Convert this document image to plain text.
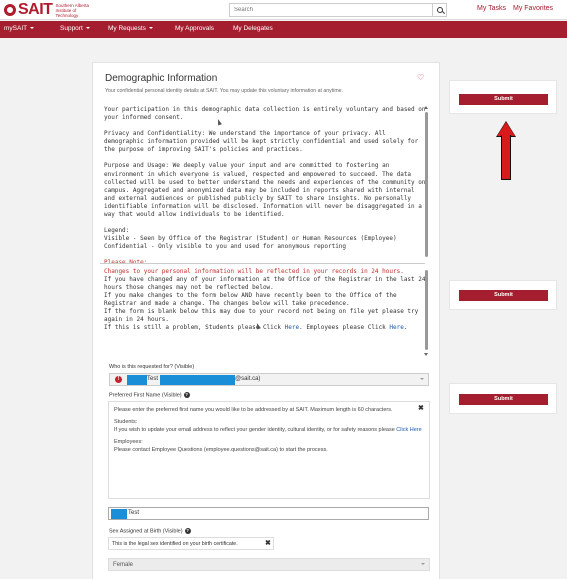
SAIT Southern Alberta Institute of Technology
Search
My Tasks My Favorites
mySAIT	Support	My Requests	My Approvals	My Delegates
Demographic Information	♡
Your confidential personal identity details at SAIT. You may update this voluntary information at anytime.

Your participation in this demographic data collection is entirely voluntary and based on your informed consent.

Privacy and Confidentiality: We understand the importance of your privacy. All demographic information provided will be kept strictly confidential and used solely for the purpose of improving SAIT's policies and practices.

Purpose and Usage: We deeply value your input and are committed to fostering an environment in which everyone is valued, respected and empowered to succeed. The data collected will be used to better understand the needs and experiences of the community on campus. Aggregated and anonymized data may be included in reports shared with internal and external audiences or published publicly by SAIT to share insights. No personally identifiable information will be disclosed. Information will never be disaggregated in a way that would allow individuals to be identified.

Legend:

Visible - Seen by Office of the Registrar (Student) or Human Resources (Employee)

Confidential - Only visible to you and used for anonymous reporting

Changes to your personal information will be reflected in your records in 24 hours.

If you have changed any of your information at the Office of the Registrar in the last 24 hours those changes may not be reflected below.

If you make changes to the form below AND have recently been to the Office of the Registrar and made a change. The changes below will take precedence.

If the form is blank below this may due to your record not being on file yet please try again in 24 hours.

If this is still a problem, Students please Click Here. Employees please Click Here.

Who is this requested for? (Visible)
!	Test	@sait.ca)
Preferred First Name (Visible) ?

Please enter the preferred first name you would like to be addressed by at SAIT. Maximum length is 60 characters.

Students:

If you wish to update your email address to reflect your gender identity, cultural identity, or for safety reasons please Click Here

Employees:

Please contact Employee Questions (employee.questions@sait.ca) to start the process.

✖
Test
Sex Assigned at Birth (Visible) ?
This is the legal sex identified on your birth certificate.	✖
Female
Submit
Submit
Submit
